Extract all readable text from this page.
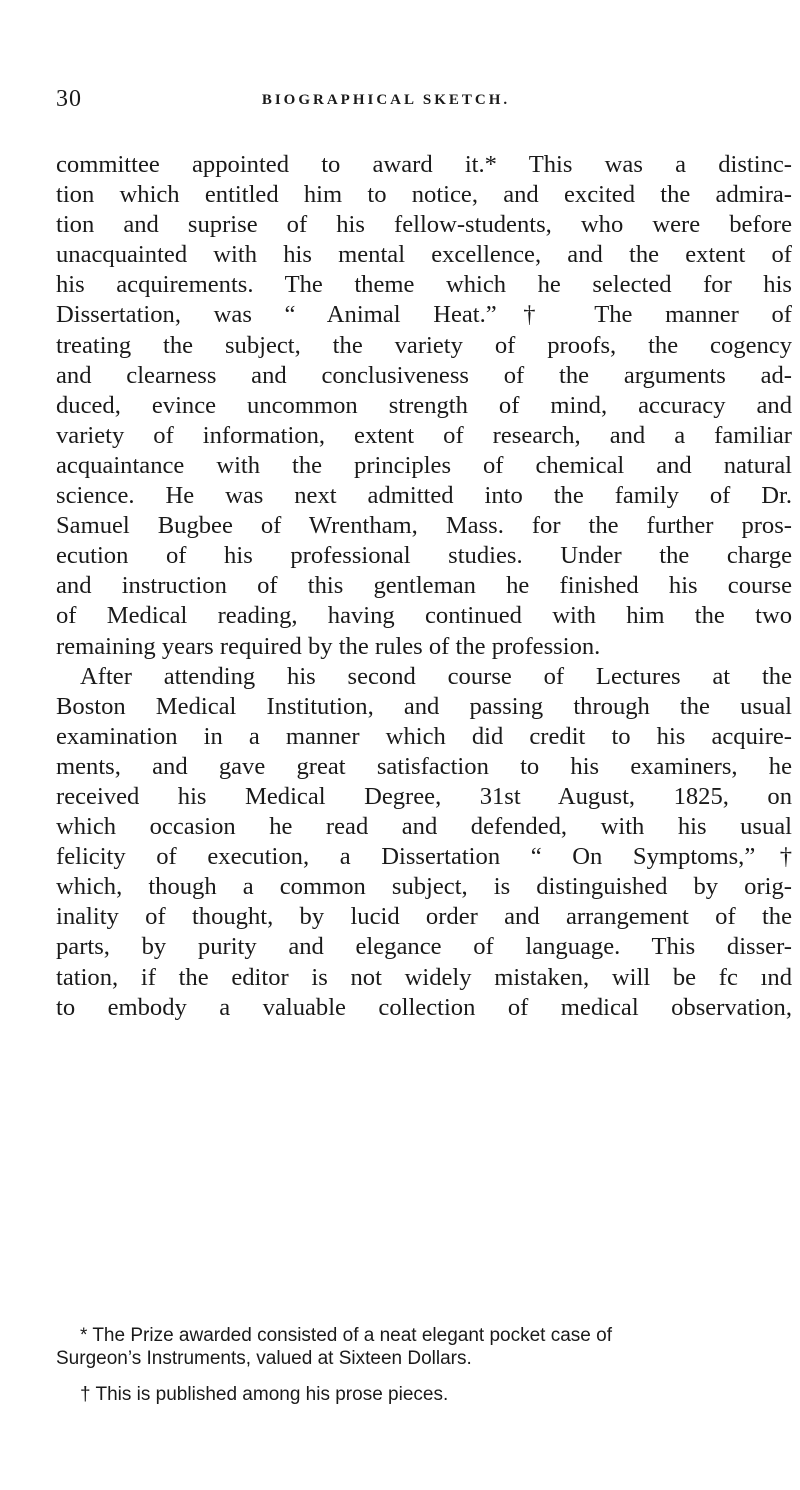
30	BIOGRAPHICAL SKETCH.
committee appointed to award it.* This was a distinc-
tion which entitled him to notice, and excited the admira-
tion and suprise of his fellow-students, who were before
unacquainted with his mental excellence, and the extent of
his acquirements. The theme which he selected for his
Dissertation, was “ Animal Heat.”† The manner of
treating the subject, the variety of proofs, the cogency
and clearness and conclusiveness of the arguments ad-
duced, evince uncommon strength of mind, accuracy and
variety of information, extent of research, and a familiar
acquaintance with the principles of chemical and natural
science. He was next admitted into the family of Dr.
Samuel Bugbee of Wrentham, Mass. for the further pros-
ecution of his professional studies. Under the charge
and instruction of this gentleman he finished his course
of Medical reading, having continued with him the two
remaining years required by the rules of the profession.
After attending his second course of Lectures at the
Boston Medical Institution, and passing through the usual
examination in a manner which did credit to his acquire-
ments, and gave great satisfaction to his examiners, he
received his Medical Degree, 31st August, 1825, on
which occasion he read and defended, with his usual
felicity of execution, a Dissertation “ On Symptoms,”†
which, though a common subject, is distinguished by orig-
inality of thought, by lucid order and arrangement of the
parts, by purity and elegance of language. This disser-
tation, if the editor is not widely mistaken, will be fc ınd
to embody a valuable collection of medical observation,
* The Prize awarded consisted of a neat elegant pocket case of
Surgeon’s Instruments, valued at Sixteen Dollars.
† This is published among his prose pieces.
